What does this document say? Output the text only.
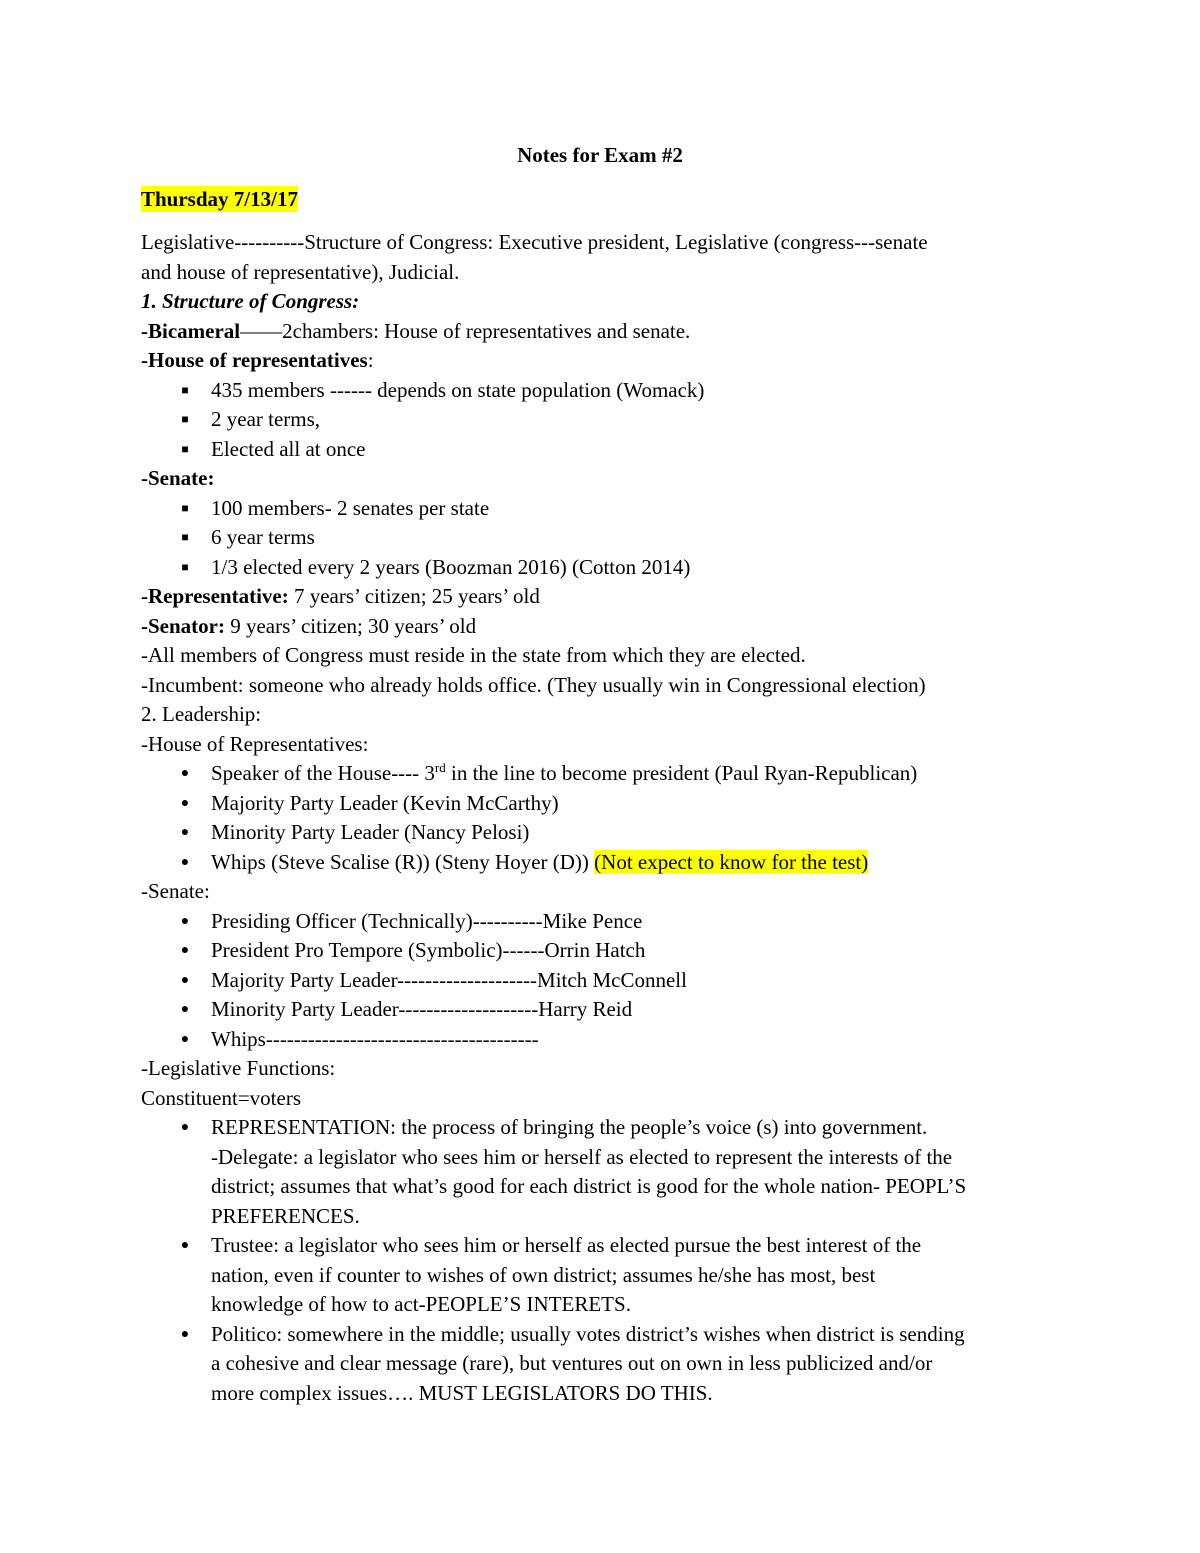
Notes for Exam #2
Thursday 7/13/17
Legislative----------Structure of Congress: Executive president, Legislative (congress---senate
and house of representative), Judicial.
1. Structure of Congress:
-Bicameral——2chambers: House of representatives and senate.
-House of representatives:
■	435 members ------ depends on state population (Womack)
■	2 year terms,
■	Elected all at once
-Senate:
■	100 members- 2 senates per state
■	6 year terms
■	1/3 elected every 2 years (Boozman 2016) (Cotton 2014)
-Representative: 7 years’ citizen; 25 years’ old
-Senator: 9 years’ citizen; 30 years’ old
-All members of Congress must reside in the state from which they are elected.
-Incumbent: someone who already holds office. (They usually win in Congressional election)
2. Leadership:
-House of Representatives:
● Speaker of the House---- 3rd in the line to become president (Paul Ryan-Republican)
● Majority Party Leader (Kevin McCarthy)
● Minority Party Leader (Nancy Pelosi)
● Whips (Steve Scalise (R)) (Steny Hoyer (D)) (Not expect to know for the test)
-Senate:
● Presiding Officer (Technically)----------Mike Pence
● President Pro Tempore (Symbolic)------Orrin Hatch
● Majority Party Leader--------------------Mitch McConnell
● Minority Party Leader--------------------Harry Reid
● Whips---------------------------------------
-Legislative Functions:
Constituent=voters
● REPRESENTATION: the process of bringing the people’s voice (s) into government.
-Delegate: a legislator who sees him or herself as elected to represent the interests of the
district; assumes that what’s good for each district is good for the whole nation- PEOPL’S
PREFERENCES.
● Trustee: a legislator who sees him or herself as elected pursue the best interest of the
nation, even if counter to wishes of own district; assumes he/she has most, best
knowledge of how to act-PEOPLE’S INTERETS.
● Politico: somewhere in the middle; usually votes district’s wishes when district is sending
a cohesive and clear message (rare), but ventures out on own in less publicized and/or
more complex issues…. MUST LEGISLATORS DO THIS.
